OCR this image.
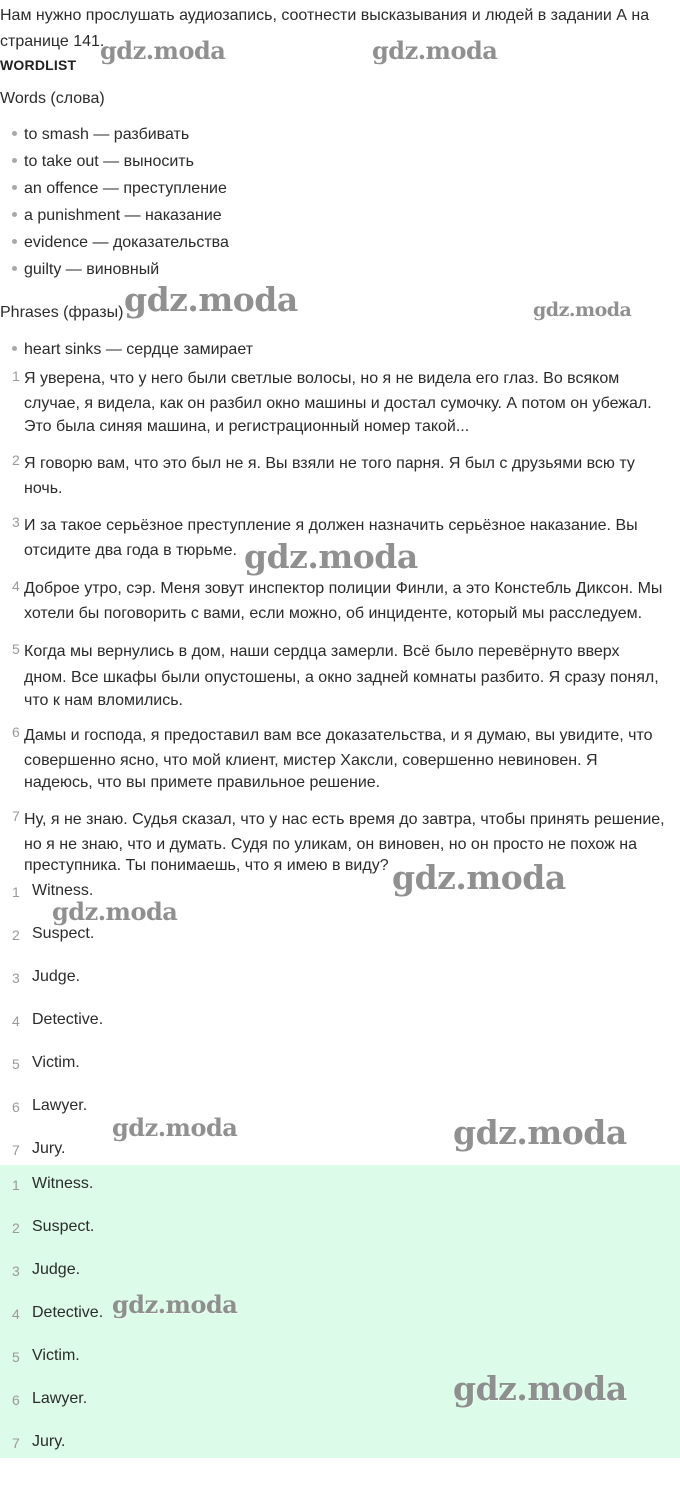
Нам нужно прослушать аудиозапись, соотнести высказывания и людей в задании А на
странице 141.
WORDLIST
Words (слова)
to smash — разбивать
to take out — выносить
an offence — преступление
a punishment — наказание
evidence — доказательства
guilty — виновный
Phrases (фразы)
heart sinks — сердце замирает
1 Я уверена, что у него были светлые волосы, но я не видела его глаз. Во всяком
случае, я видела, как он разбил окно машины и достал сумочку. А потом он убежал.
Это была синяя машина, и регистрационный номер такой...
2 Я говорю вам, что это был не я. Вы взяли не того парня. Я был с друзьями всю ту
ночь.
3 И за такое серьёзное преступление я должен назначить серьёзное наказание. Вы
отсидите два года в тюрьме.
4 Доброе утро, сэр. Меня зовут инспектор полиции Финли, а это Констебль Диксон. Мы
хотели бы поговорить с вами, если можно, об инциденте, который мы расследуем.
5 Когда мы вернулись в дом, наши сердца замерли. Всё было перевёрнуто вверх
дном. Все шкафы были опустошены, а окно задней комнаты разбито. Я сразу понял,
что к нам вломились.
6 Дамы и господа, я предоставил вам все доказательства, и я думаю, вы увидите, что
совершенно ясно, что мой клиент, мистер Хаксли, совершенно невиновен. Я
надеюсь, что вы примете правильное решение.
7 Ну, я не знаю. Судья сказал, что у нас есть время до завтра, чтобы принять решение,
но я не знаю, что и думать. Судя по уликам, он виновен, но он просто не похож на
преступника. Ты понимаешь, что я имею в виду?
1 Witness.
2 Suspect.
3 Judge.
4 Detective.
5 Victim.
6 Lawyer.
7 Jury.
1 Witness.
2 Suspect.
3 Judge.
4 Detective.
5 Victim.
6 Lawyer.
7 Jury.
gdz.moda	gdz.moda
gdz.moda	gdz.moda
gdz.moda
gdz.moda
gdz.moda
gdz.moda	gdz.moda
gdz.moda
gdz.moda
